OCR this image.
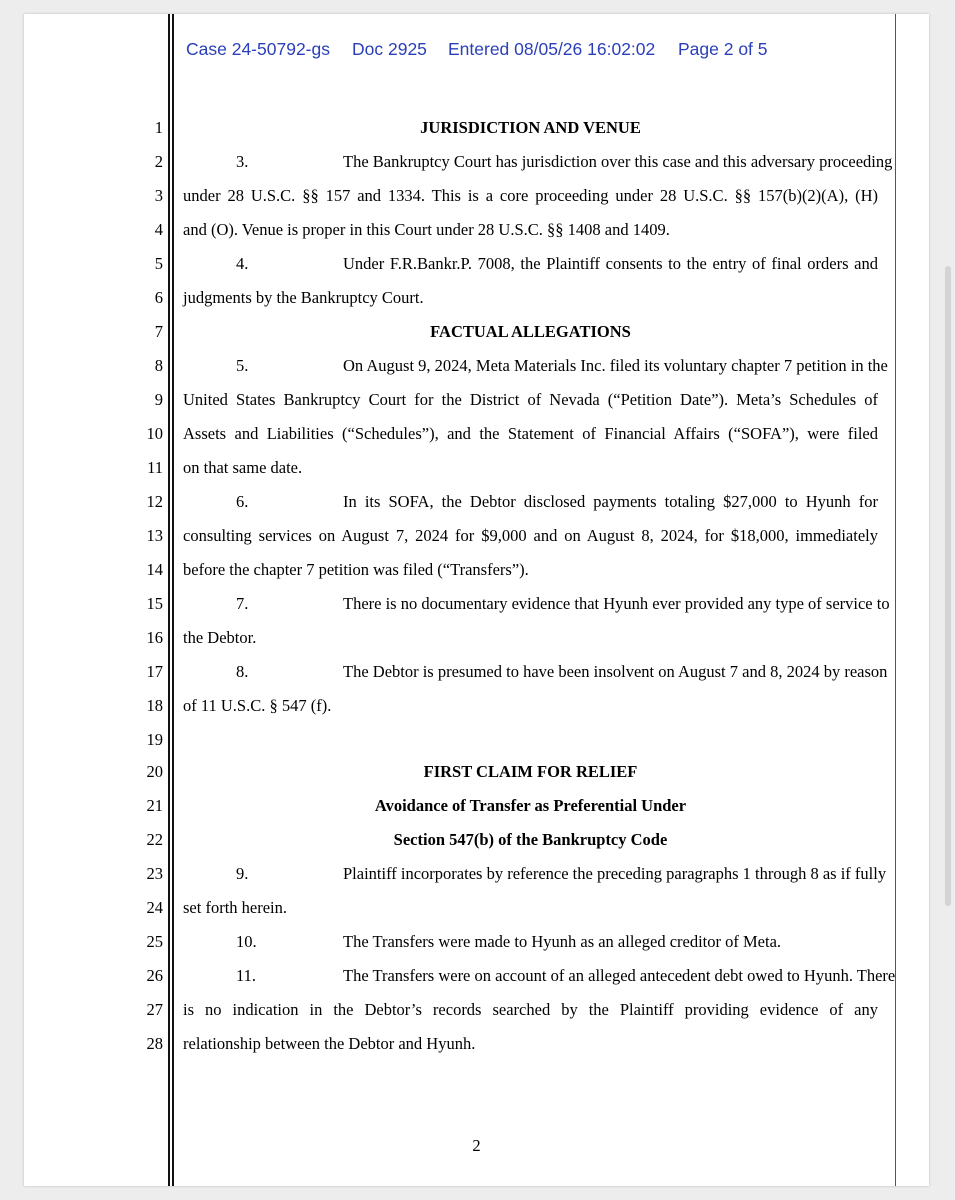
Case 24-50792-gs Doc 2925 Entered 08/05/26 16:02:02 Page 2 of 5
1
2
3
4
5
6
7
8
9
10
11
12
13
14
15
16
17
18
19
20
21
22
23
24
25
26
27
28
JURISDICTION AND VENUE
3.	The Bankruptcy Court has jurisdiction over this case and this adversary proceeding
under 28 U.S.C. §§ 157 and 1334. This is a core proceeding under 28 U.S.C. §§ 157(b)(2)(A), (H)
and (O). Venue is proper in this Court under 28 U.S.C. §§ 1408 and 1409.
4.	Under F.R.Bankr.P. 7008, the Plaintiff consents to the entry of final orders and
judgments by the Bankruptcy Court.
FACTUAL ALLEGATIONS
5.	On August 9, 2024, Meta Materials Inc. filed its voluntary chapter 7 petition in the
United States Bankruptcy Court for the District of Nevada (“Petition Date”). Meta’s Schedules of
Assets and Liabilities (“Schedules”), and the Statement of Financial Affairs (“SOFA”), were filed
on that same date.
6.	In its SOFA, the Debtor disclosed payments totaling $27,000 to Hyunh for
consulting services on August 7, 2024 for $9,000 and on August 8, 2024, for $18,000, immediately
before the chapter 7 petition was filed (“Transfers”).
7.	There is no documentary evidence that Hyunh ever provided any type of service to
the Debtor.
8.	The Debtor is presumed to have been insolvent on August 7 and 8, 2024 by reason
of 11 U.S.C. § 547 (f).
FIRST CLAIM FOR RELIEF
Avoidance of Transfer as Preferential Under
Section 547(b) of the Bankruptcy Code
9.	Plaintiff incorporates by reference the preceding paragraphs 1 through 8 as if fully
set forth herein.
10.	The Transfers were made to Hyunh as an alleged creditor of Meta.
11.	The Transfers were on account of an alleged antecedent debt owed to Hyunh. There
is no indication in the Debtor’s records searched by the Plaintiff providing evidence of any
relationship between the Debtor and Hyunh.
2
